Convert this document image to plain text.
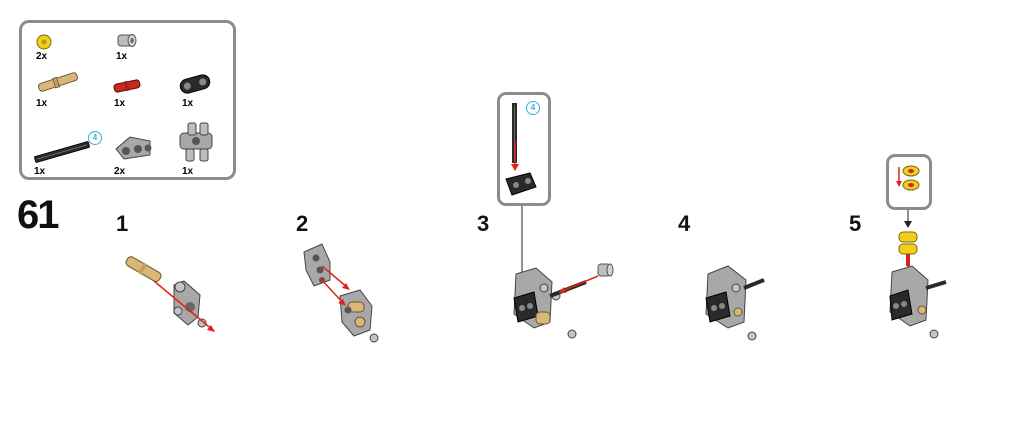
2x	1x
1x	1x	1x
4
1x	2x	1x
61	1	2	3	4	5
4
